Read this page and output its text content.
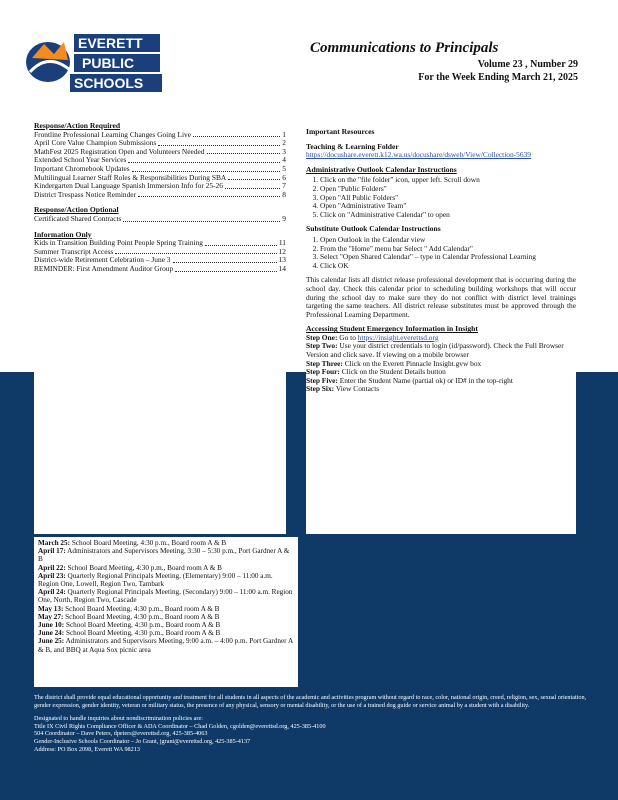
EVERETT
PUBLIC
SCHOOLS
Communications to Principals
Volume 23 , Number 29
For the Week Ending March 21, 2025
Response/Action Required
Frontline Professional Learning Changes Going Live	1
April Core Value Champion Submissions	2
MathFest 2025 Registration Open and Volunteers Needed	3
Extended School Year Services	4
Important Chromebook Updates	5
Multilingual Learner Staff Roles & Responsibilities During SBA	6
Kindergarten Dual Language Spanish Immersion Info for 25-26	7
District Trespass Notice Reminder	8
Response/Action Optional
Certificated Shared Contracts	9
Information Only
Kids in Transition Building Point People Spring Training	11
Summer Transcript Access	12
District-wide Retirement Celebration – June 3	13
REMINDER: First Amendment Auditor Group	14
Important Resources
Teaching & Learning Folder
https://docushare.everett.k12.wa.us/docushare/dsweb/View/Collection-5639
Administrative Outlook Calendar Instructions
1. Click on the "file folder" icon, upper left. Scroll down
2. Open "Public Folders"
3. Open "All Public Folders"
4. Open "Administrative Team"
5. Click on "Administrative Calendar" to open
Substitute Outlook Calendar Instructions
1. Open Outlook in the Calendar view
2. From the "Home" menu bar Select " Add Calendar"
3. Select "Open Shared Calendar" – type in Calendar Professional Learning
4. Click OK
This calendar lists all district release professional development that is occurring during the school day. Check this calendar prior to scheduling building workshops that will occur during the school day to make sure they do not conflict with district level trainings targeting the same teachers. All district release substitutes must be approved through the Professional Learning Department.
Accessing Student Emergency Information in Insight
Step One: Go to https://insight.everettsd.org
Step Two: Use your district credentials to login (id/password). Check the Full Browser Version and click save. If viewing on a mobile browser
Step Three: Click on the Everett Pinnacle Insight.gvw box
Step Four: Click on the Student Details button
Step Five: Enter the Student Name (partial ok) or ID# in the top-right
Step Six: View Contacts
March 25: School Board Meeting, 4:30 p.m., Board room A & B
April 17: Administrators and Supervisors Meeting, 3:30 – 5:30 p.m., Port Gardner A & B
April 22: School Board Meeting, 4:30 p.m., Board room A & B
April 23: Quarterly Regional Principals Meeting, (Elementary) 9:00 – 11:00 a.m. Region One, Lowell, Region Two, Tambark
April 24: Quarterly Regional Principals Meeting, (Secondary) 9:00 – 11:00 a.m. Region One, North, Region Two, Cascade
May 13: School Board Meeting, 4:30 p.m., Board room A & B
May 27: School Board Meeting, 4:30 p.m., Board room A & B
June 10: School Board Meeting, 4:30 p.m., Board room A & B
June 24: School Board Meeting, 4:30 p.m., Board room A & B
June 25: Administrators and Supervisors Meeting, 9:00 a.m. – 4:00 p.m. Port Gardner A & B, and BBQ at Aqua Sox picnic area

The district shall provide equal educational opportunity and treatment for all students in all aspects of the academic and activities program without regard to race, color, national origin, creed, religion, sex, sexual orientation, gender expression, gender identity, veteran or military status, the presence of any physical, sensory or mental disability, or the use of a trained dog guide or service animal by a student with a disability.

Designated to handle inquiries about nondiscrimination policies are:
Title IX Civil Rights Compliance Officer & ADA Coordinator – Chad Golden, cgolden@everettsd.org, 425-385-4100
504 Coordinator – Dave Peters, dpeters@everettsd.org, 425-385-4063
Gender-Inclusive Schools Coordinator – Jo Grant, jgrant@everettsd.org, 425-385-4137
Address: PO Box 2098, Everett WA 98213
